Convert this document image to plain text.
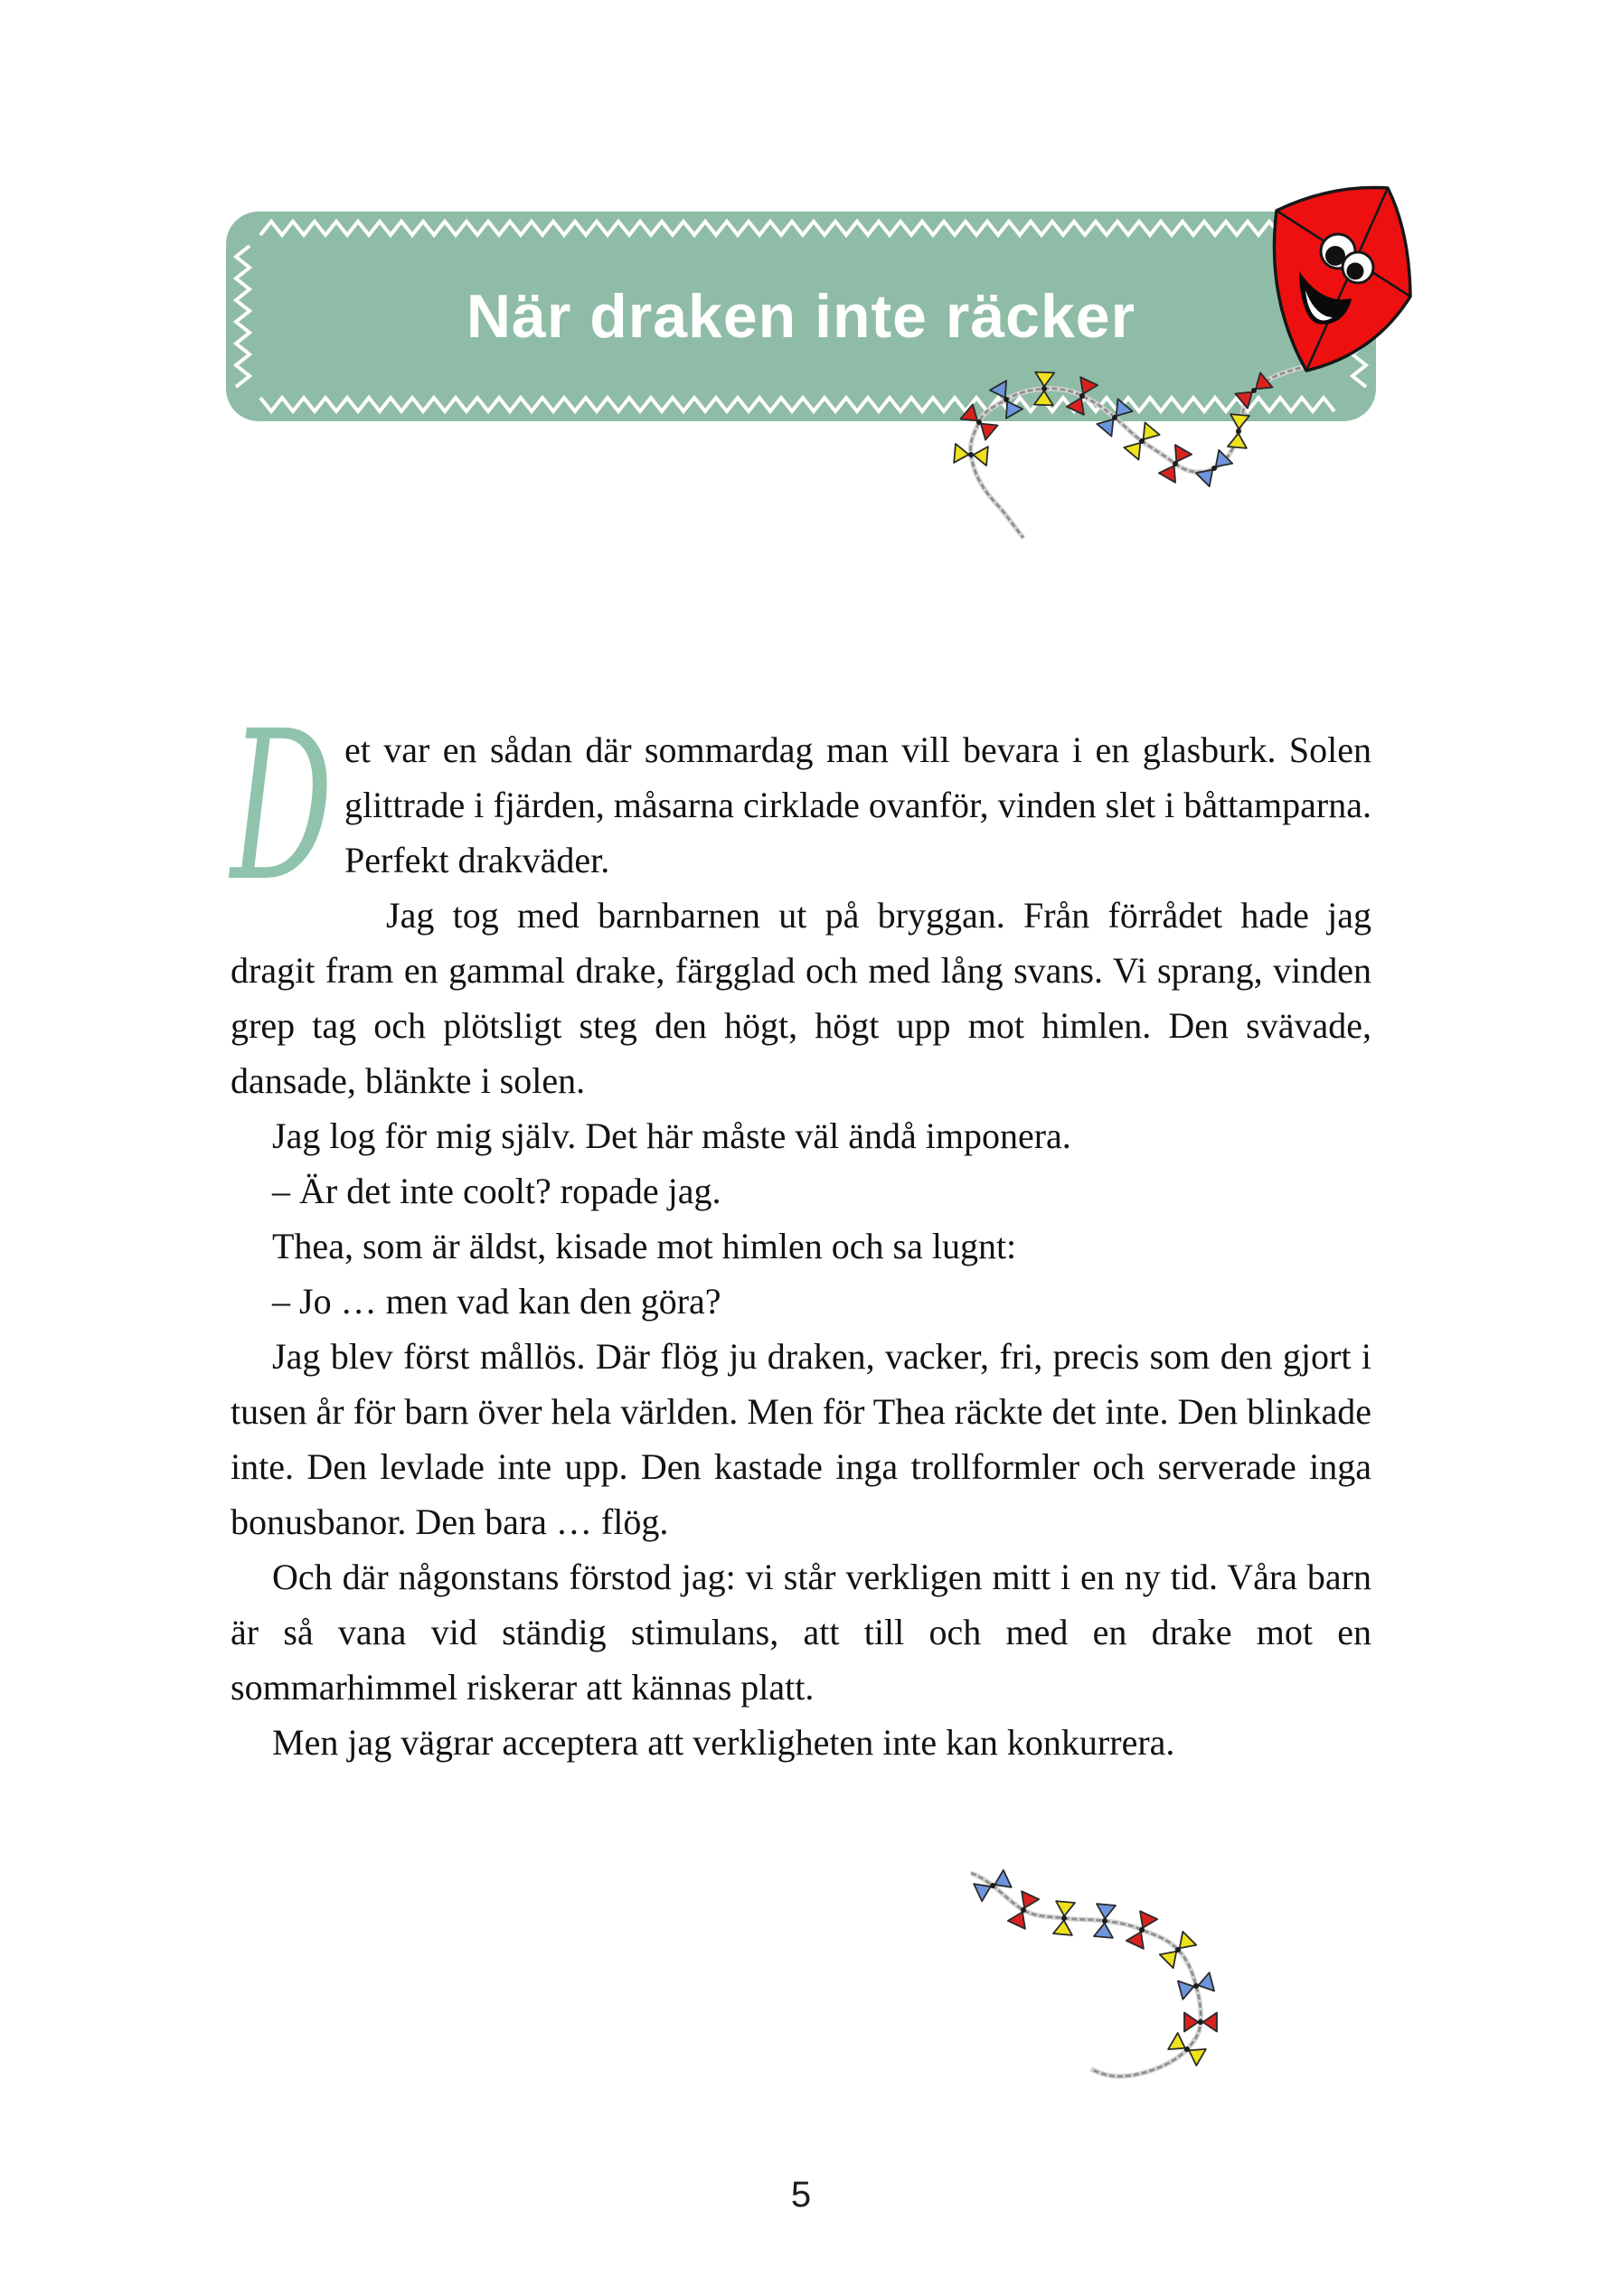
När draken inte räcker

Det var en sådan där sommardag man vill bevara i en glasburk. Solen glittrade i fjärden, måsarna cirklade ovanför, vinden slet i båttamparna. Perfekt drakväder.

Jag tog med barnbarnen ut på bryggan. Från förrådet hade jag dragit fram en gammal drake, färgglad och med lång svans. Vi sprang, vinden grep tag och plötsligt steg den högt, högt upp mot himlen. Den svävade, dansade, blänkte i solen.

Jag log för mig själv. Det här måste väl ändå imponera.

– Är det inte coolt? ropade jag.

Thea, som är äldst, kisade mot himlen och sa lugnt:

– Jo … men vad kan den göra?

Jag blev först mållös. Där flög ju draken, vacker, fri, precis som den gjort i tusen år för barn över hela världen. Men för Thea räckte det inte. Den blinkade inte. Den levlade inte upp. Den kastade inga trollformler och serverade inga bonusbanor. Den bara … flög.

Och där någonstans förstod jag: vi står verkligen mitt i en ny tid. Våra barn är så vana vid ständig stimulans, att till och med en drake mot en sommarhimmel riskerar att kännas platt.

Men jag vägrar acceptera att verkligheten inte kan konkurrera.

5
